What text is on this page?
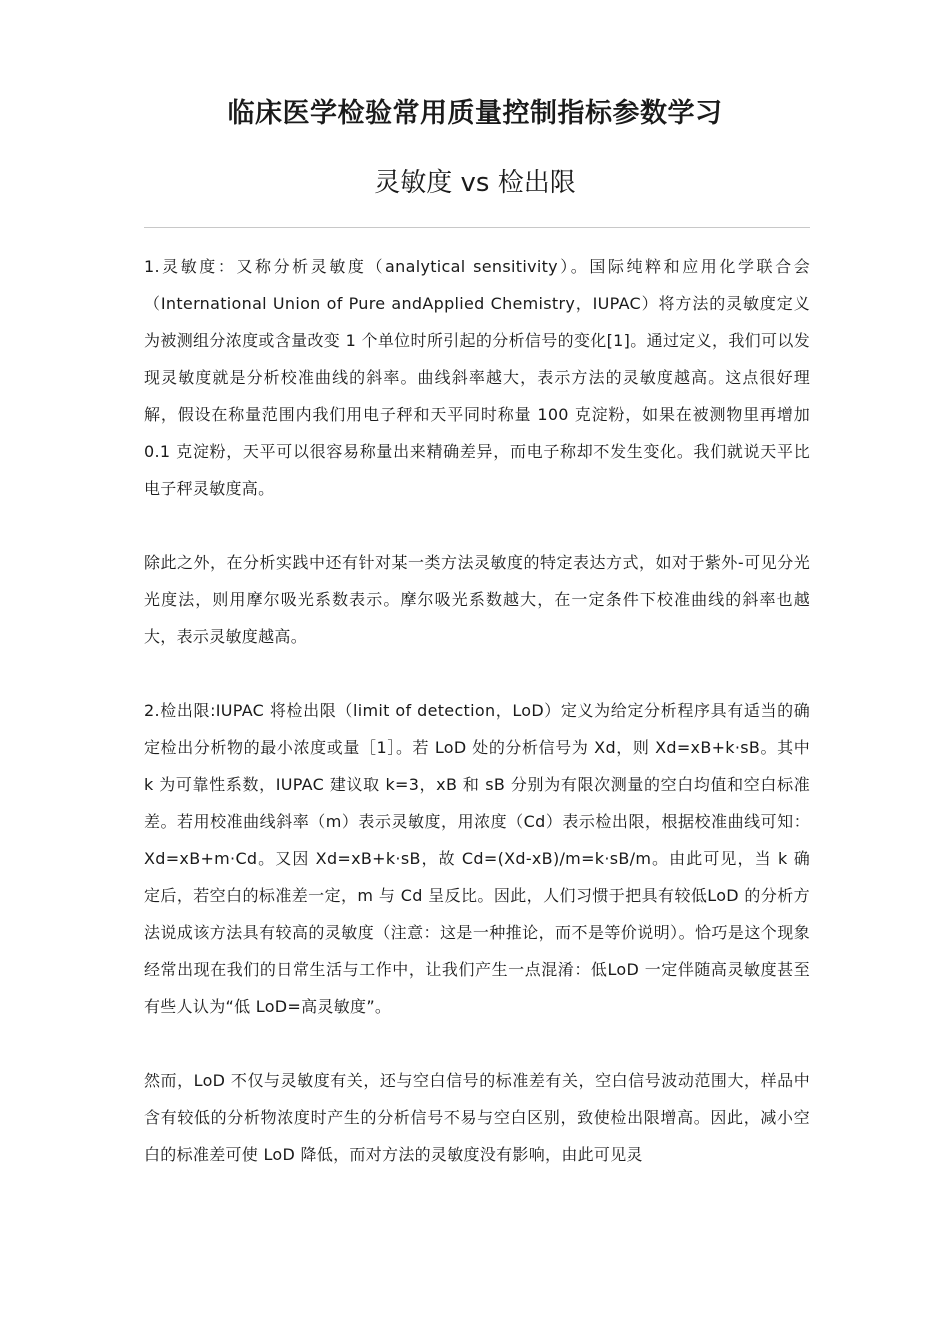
临床医学检验常用质量控制指标参数学习
灵敏度 vs 检出限

1.灵敏度：又称分析灵敏度（analytical sensitivity）。国际纯粹和应用化学联合会（International Union of Pure andApplied Chemistry，IUPAC）将方法的灵敏度定义为被测组分浓度或含量改变 1 个单位时所引起的分析信号的变化[1]。通过定义，我们可以发现灵敏度就是分析校准曲线的斜率。曲线斜率越大，表示方法的灵敏度越高。这点很好理解，假设在称量范围内我们用电子秤和天平同时称量 100 克淀粉，如果在被测物里再增加 0.1 克淀粉，天平可以很容易称量出来精确差异，而电子称却不发生变化。我们就说天平比电子秤灵敏度高。

除此之外，在分析实践中还有针对某一类方法灵敏度的特定表达方式，如对于紫外-可见分光光度法，则用摩尔吸光系数表示。摩尔吸光系数越大，在一定条件下校准曲线的斜率也越大，表示灵敏度越高。

2.检出限:IUPAC 将检出限（limit of detection，LoD）定义为给定分析程序具有适当的确定检出分析物的最小浓度或量［1］。若 LoD 处的分析信号为 Xd，则 Xd=xB+k·sB。其中 k 为可靠性系数，IUPAC 建议取 k=3，xB 和 sB 分别为有限次测量的空白均值和空白标准差。若用校准曲线斜率（m）表示灵敏度，用浓度（Cd）表示检出限，根据校准曲线可知：Xd=xB+m·Cd。又因 Xd=xB+k·sB，故 Cd=(Xd-xB)/m=k·sB/m。由此可见，当 k 确定后，若空白的标准差一定，m 与 Cd 呈反比。因此，人们习惯于把具有较低LoD 的分析方法说成该方法具有较高的灵敏度（注意：这是一种推论，而不是等价说明）。恰巧是这个现象经常出现在我们的日常生活与工作中，让我们产生一点混淆：低LoD 一定伴随高灵敏度甚至有些人认为“低 LoD=高灵敏度”。

然而，LoD 不仅与灵敏度有关，还与空白信号的标准差有关，空白信号波动范围大，样品中含有较低的分析物浓度时产生的分析信号不易与空白区别，致使检出限增高。因此，减小空白的标准差可使 LoD 降低，而对方法的灵敏度没有影响，由此可见灵
